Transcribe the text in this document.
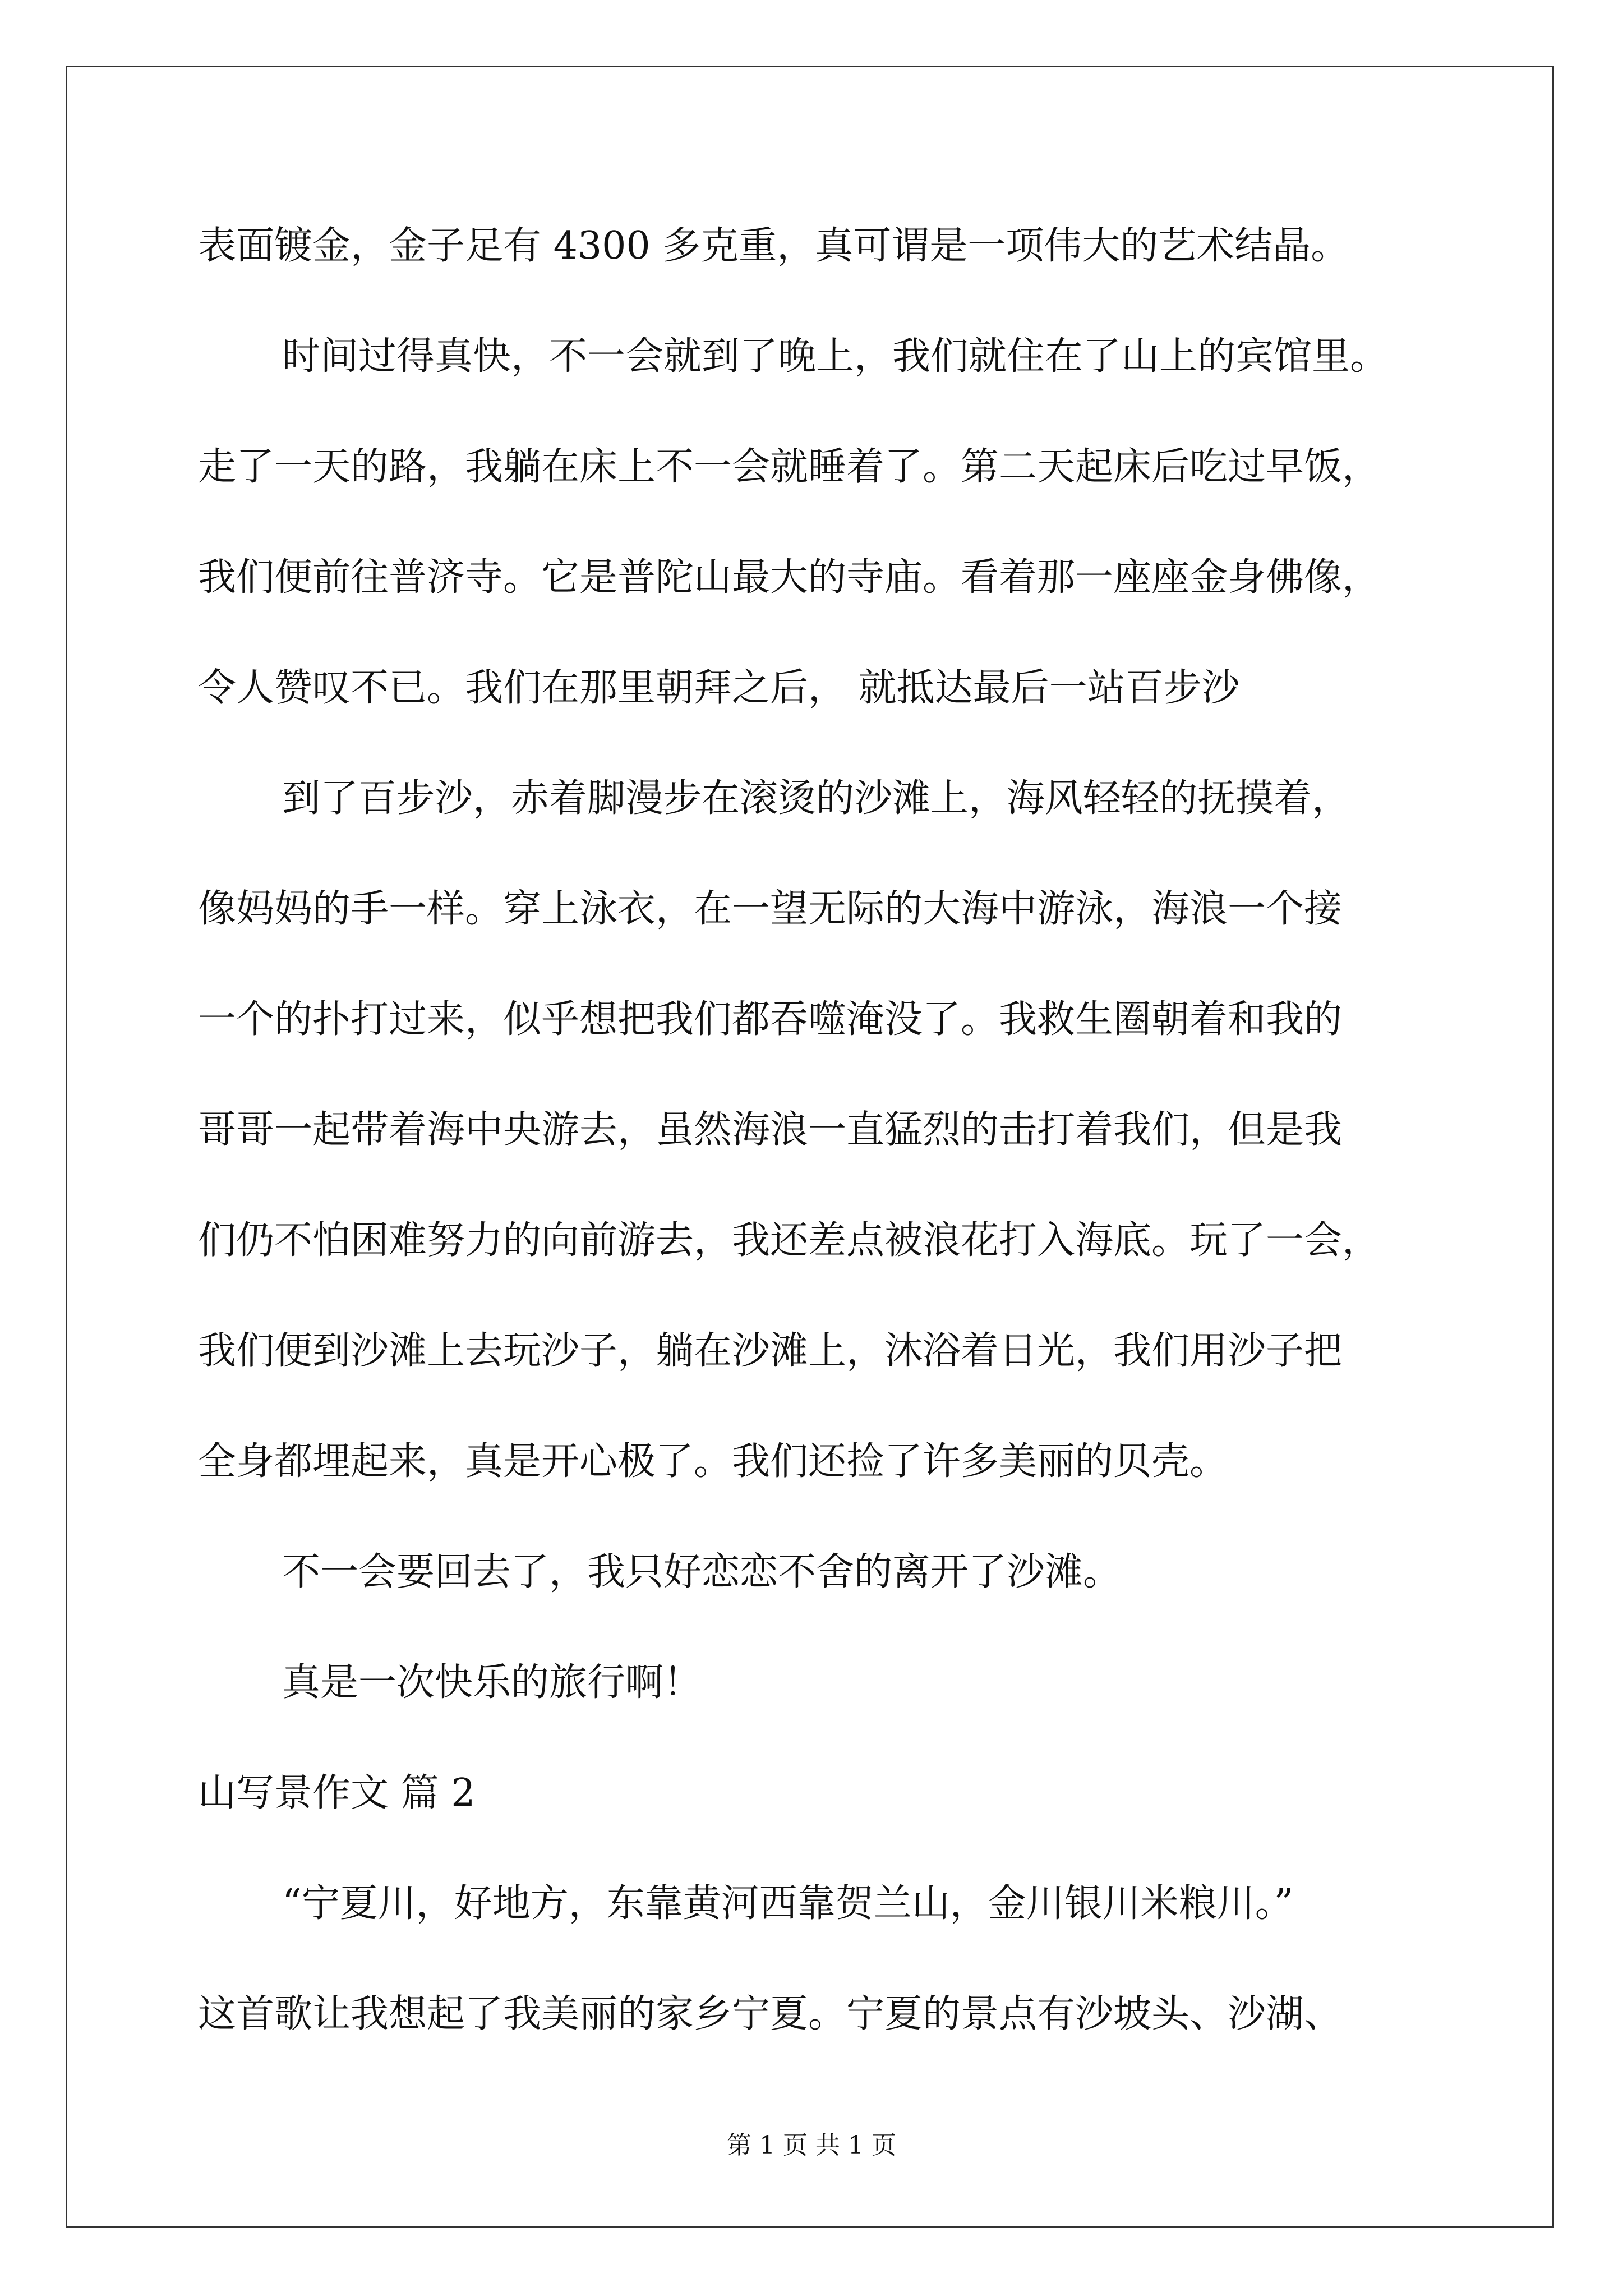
表面镀金，金子足有 4300 多克重，真可谓是一项伟大的艺术结晶。
时间过得真快，不一会就到了晚上，我们就住在了山上的宾馆里。
走了一天的路，我躺在床上不一会就睡着了。第二天起床后吃过早饭，
我们便前往普济寺。它是普陀山最大的寺庙。看着那一座座金身佛像，
令人赞叹不已。我们在那里朝拜之后， 就抵达最后一站百步沙
到了百步沙，赤着脚漫步在滚烫的沙滩上，海风轻轻的抚摸着，
像妈妈的手一样。穿上泳衣，在一望无际的大海中游泳，海浪一个接
一个的扑打过来，似乎想把我们都吞噬淹没了。我救生圈朝着和我的
哥哥一起带着海中央游去，虽然海浪一直猛烈的击打着我们，但是我
们仍不怕困难努力的向前游去，我还差点被浪花打入海底。玩了一会，
我们便到沙滩上去玩沙子，躺在沙滩上，沐浴着日光，我们用沙子把
全身都埋起来，真是开心极了。我们还捡了许多美丽的贝壳。
不一会要回去了，我只好恋恋不舍的离开了沙滩。
真是一次快乐的旅行啊！
山写景作文 篇 2
“宁夏川，好地方，东靠黄河西靠贺兰山，金川银川米粮川。”
这首歌让我想起了我美丽的家乡宁夏。宁夏的景点有沙坡头、沙湖、
第 1 页 共 1 页
